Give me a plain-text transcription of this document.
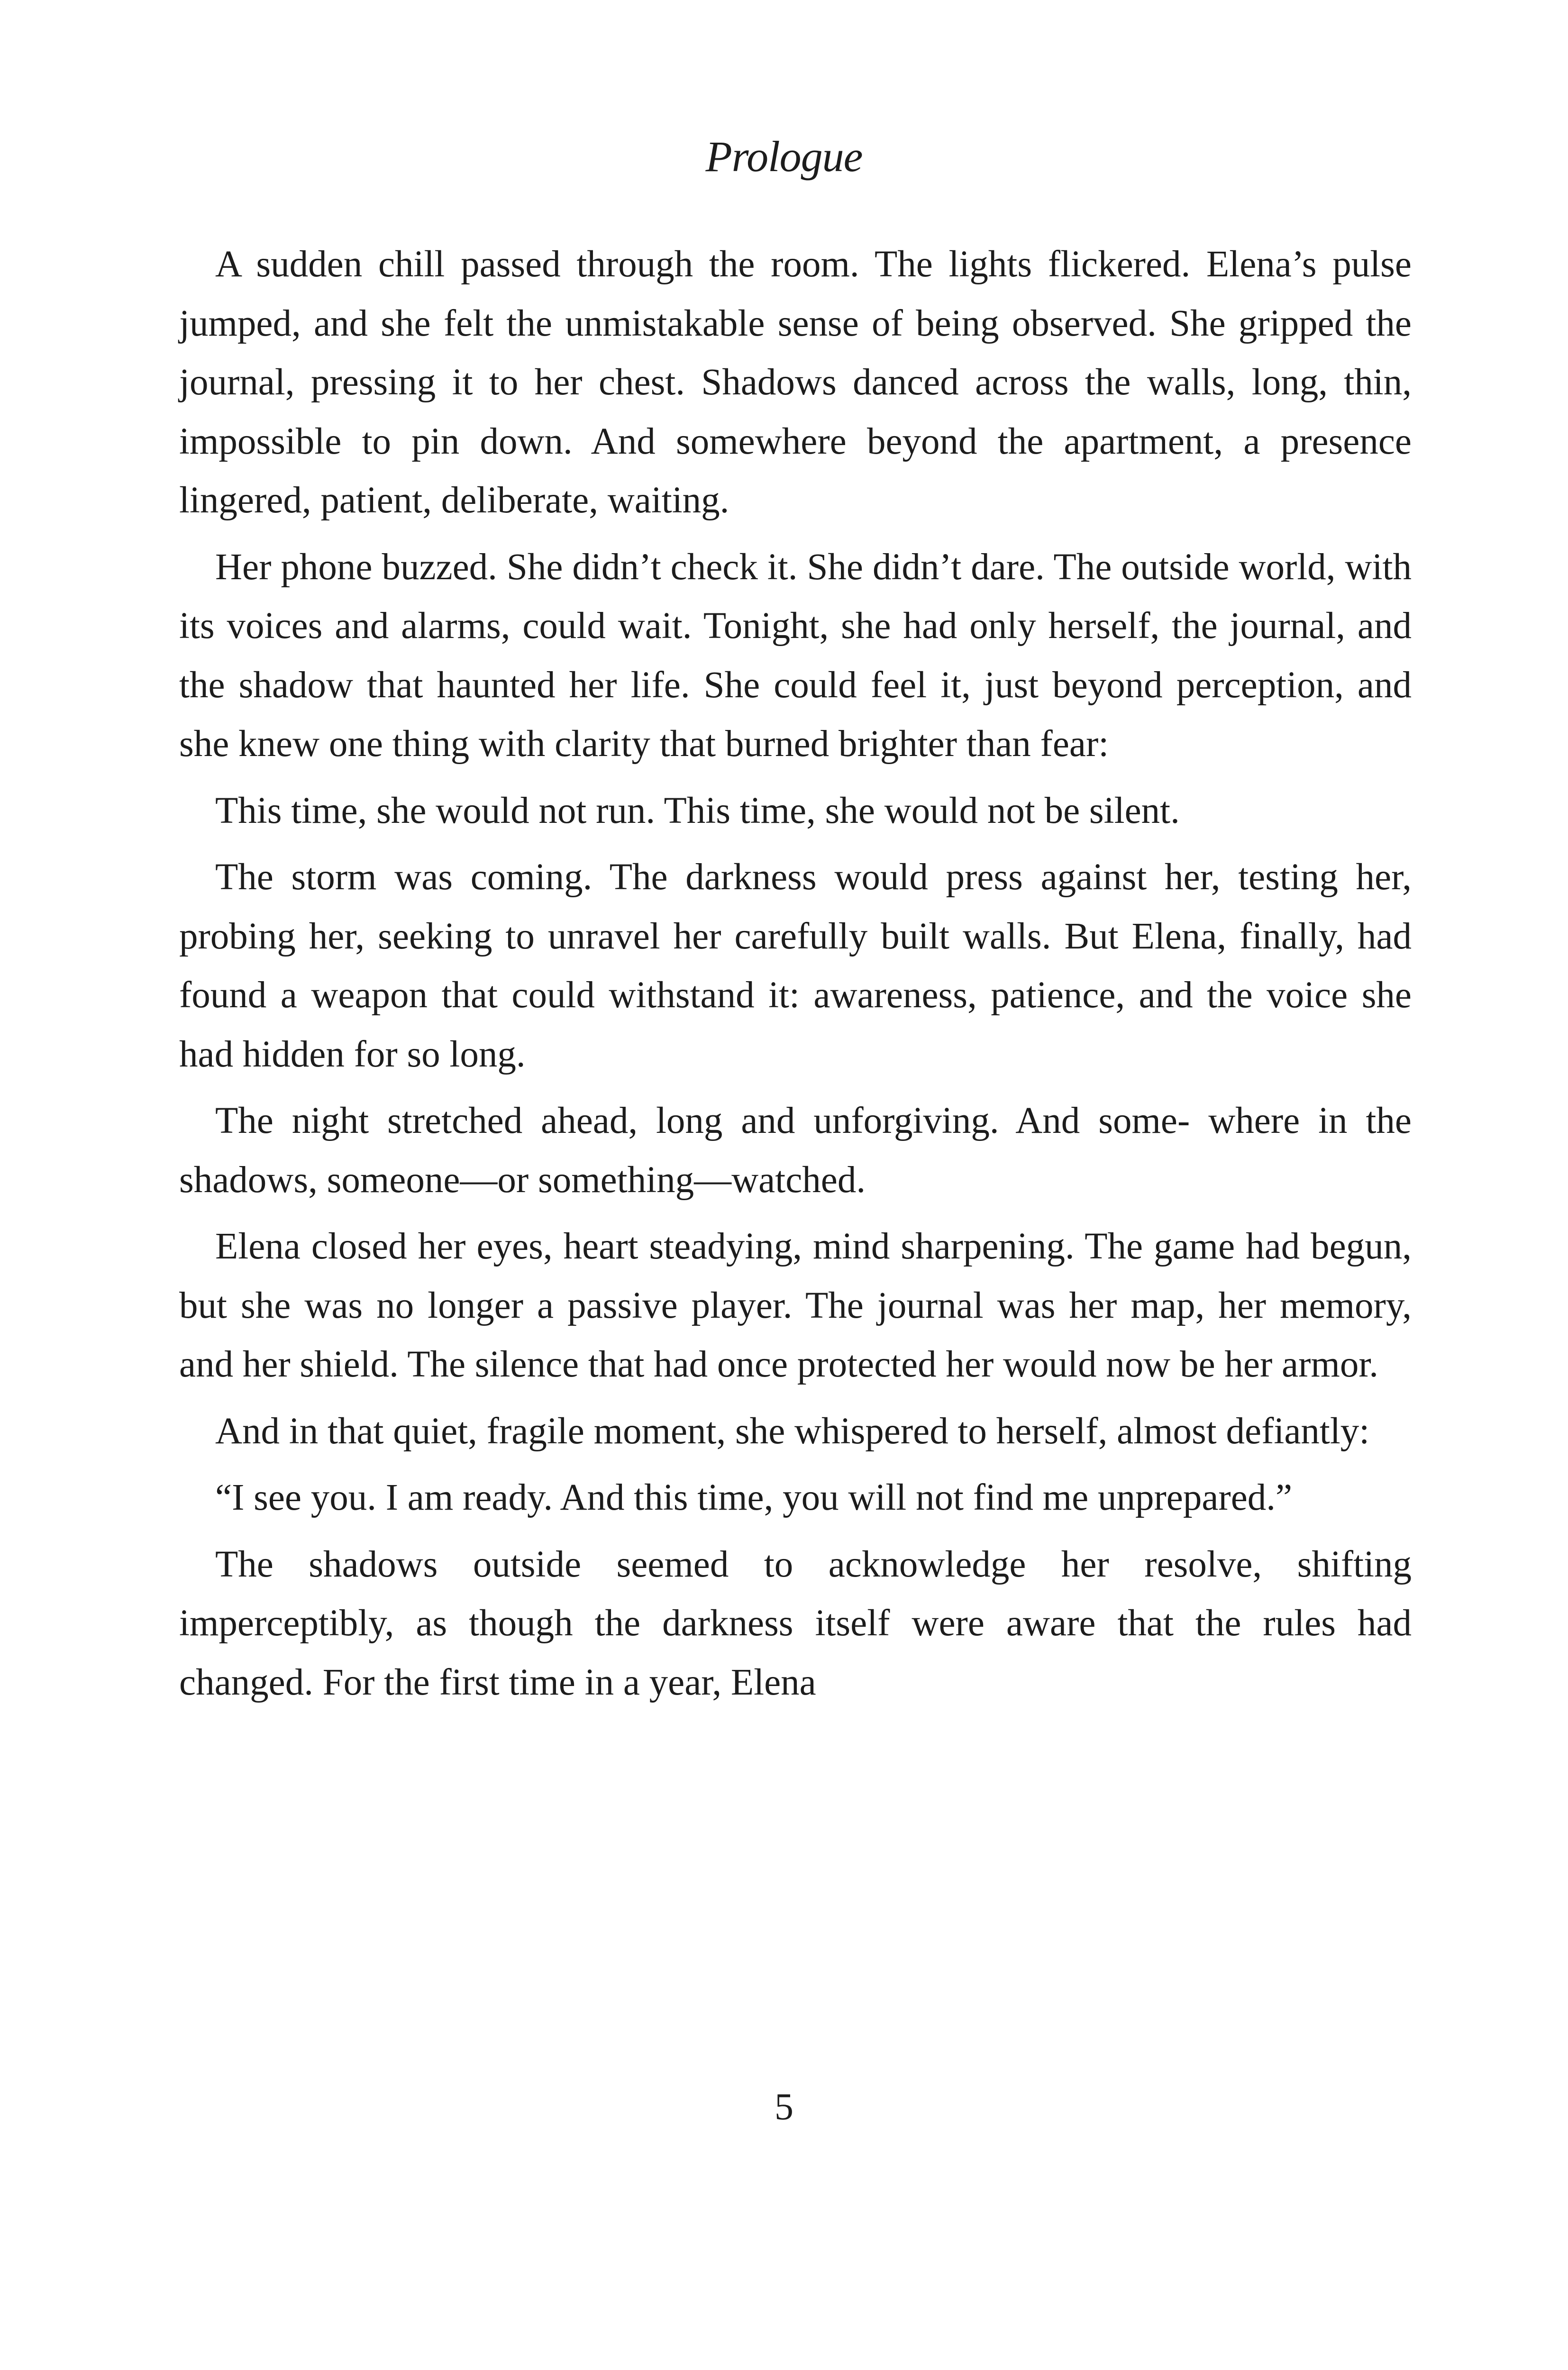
Prologue

A sudden chill passed through the room. The lights flickered. Elena’s pulse jumped, and she felt the unmistakable sense of being observed. She gripped the journal, pressing it to her chest. Shadows danced across the walls, long, thin, impossible to pin down. And somewhere beyond the apartment, a presence lingered, patient, deliberate, waiting.

Her phone buzzed. She didn’t check it. She didn’t dare. The outside world, with its voices and alarms, could wait. Tonight, she had only herself, the journal, and the shadow that haunted her life. She could feel it, just beyond perception, and she knew one thing with clarity that burned brighter than fear:

This time, she would not run. This time, she would not be silent.

The storm was coming. The darkness would press against her, testing her, probing her, seeking to unravel her carefully built walls. But Elena, finally, had found a weapon that could withstand it: awareness, patience, and the voice she had hidden for so long.

The night stretched ahead, long and unforgiving. And some- where in the shadows, someone—or something—watched.

Elena closed her eyes, heart steadying, mind sharpening. The game had begun, but she was no longer a passive player. The journal was her map, her memory, and her shield. The silence that had once protected her would now be her armor.

And in that quiet, fragile moment, she whispered to herself, almost defiantly:

“I see you. I am ready. And this time, you will not find me unprepared.”

The shadows outside seemed to acknowledge her resolve, shifting imperceptibly, as though the darkness itself were aware that the rules had changed. For the first time in a year, Elena

5
